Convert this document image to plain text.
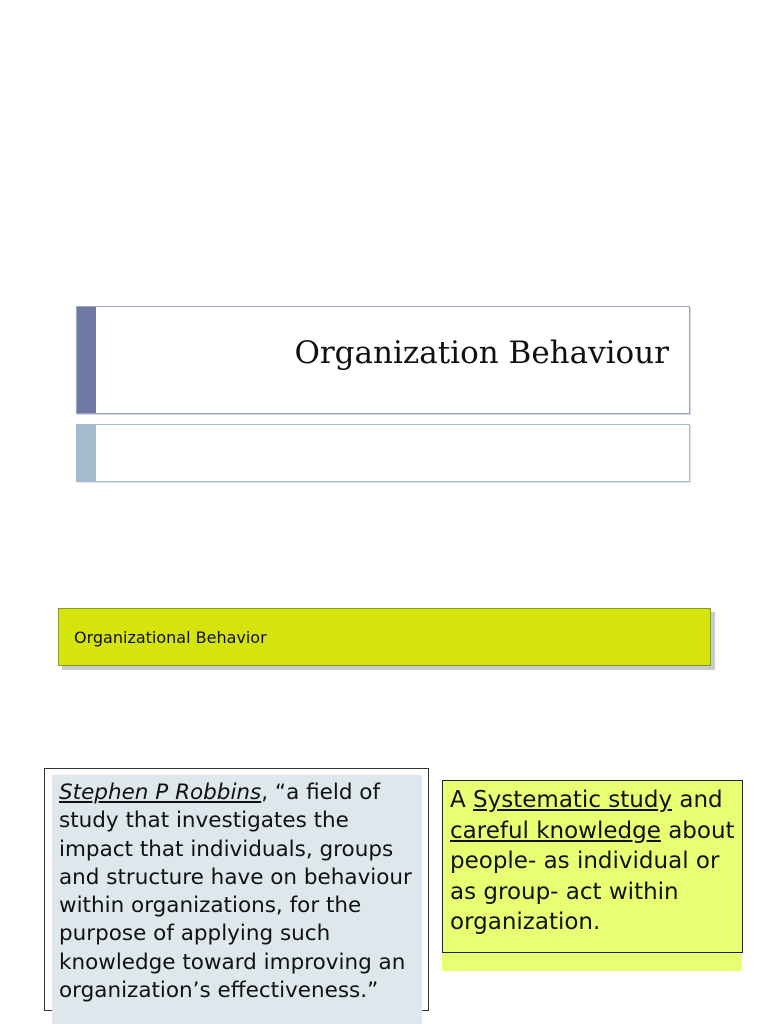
Organization Behaviour
Organizational Behavior
Stephen P Robbins, “a field of study that investigates the impact that individuals, groups and structure have on behaviour within organizations, for the purpose of applying such knowledge toward improving an organization’s effectiveness.”
A Systematic study and careful knowledge about people- as individual or as group- act within organization.
